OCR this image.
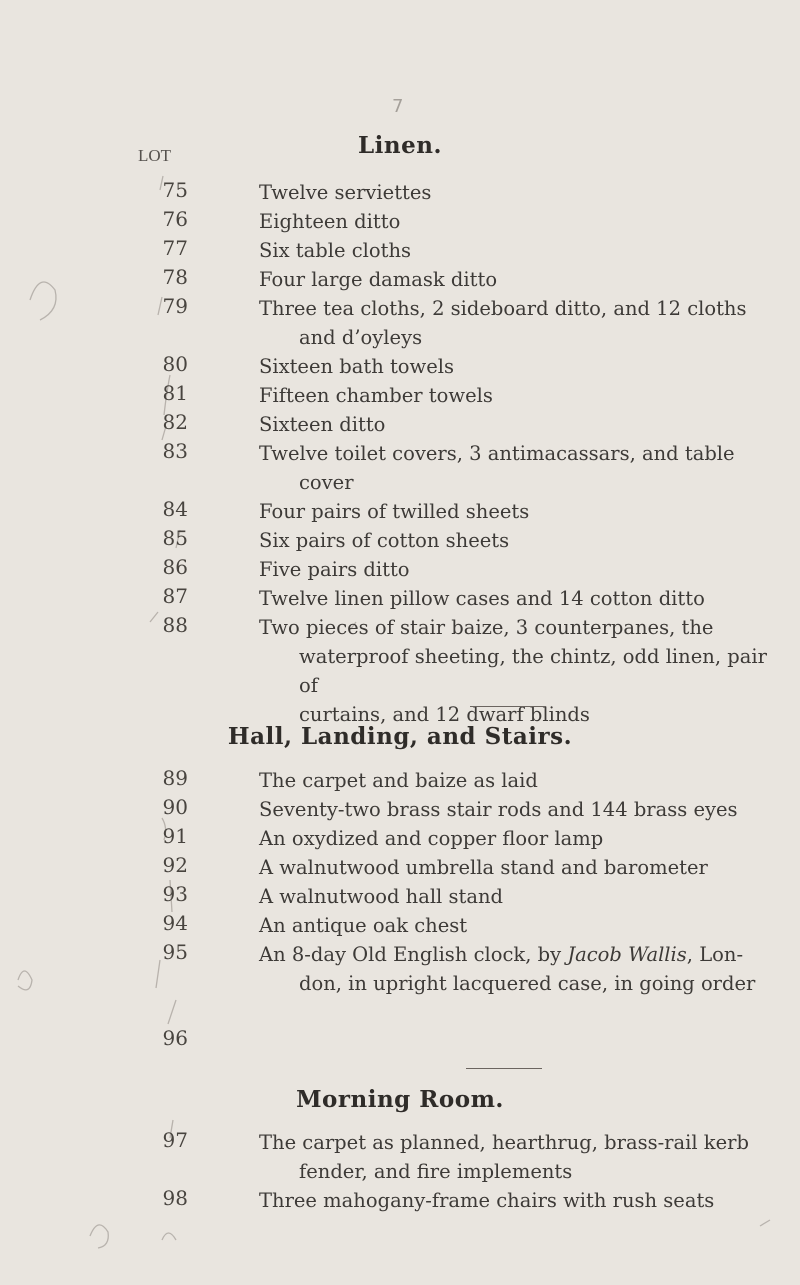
7
LOT	Linen.
75	Twelve serviettes
76	Eighteen ditto
77	Six table cloths
78	Four large damask ditto
79	Three tea cloths, 2 sideboard ditto, and 12 cloths
and d’oyleys
80	Sixteen bath towels
81	Fifteen chamber towels
82	Sixteen ditto
83	Twelve toilet covers, 3 antimacassars, and table
cover
84	Four pairs of twilled sheets
85	Six pairs of cotton sheets
86	Five pairs ditto
87	Twelve linen pillow cases and 14 cotton ditto
88	Two pieces of stair baize, 3 counterpanes, the
waterproof sheeting, the chintz, odd linen, pair of
curtains, and 12 dwarf blinds
Hall, Landing, and Stairs.
89	The carpet and baize as laid
90	Seventy-two brass stair rods and 144 brass eyes
91	An oxydized and copper floor lamp
92	A walnutwood umbrella stand and barometer
93	A walnutwood hall stand
94	An antique oak chest
95	An 8-day Old English clock, by Jacob Wallis, Lon-
don, in upright lacquered case, in going order
96
Morning Room.
97	The carpet as planned, hearthrug, brass-rail kerb
fender, and fire implements
98	Three mahogany-frame chairs with rush seats
